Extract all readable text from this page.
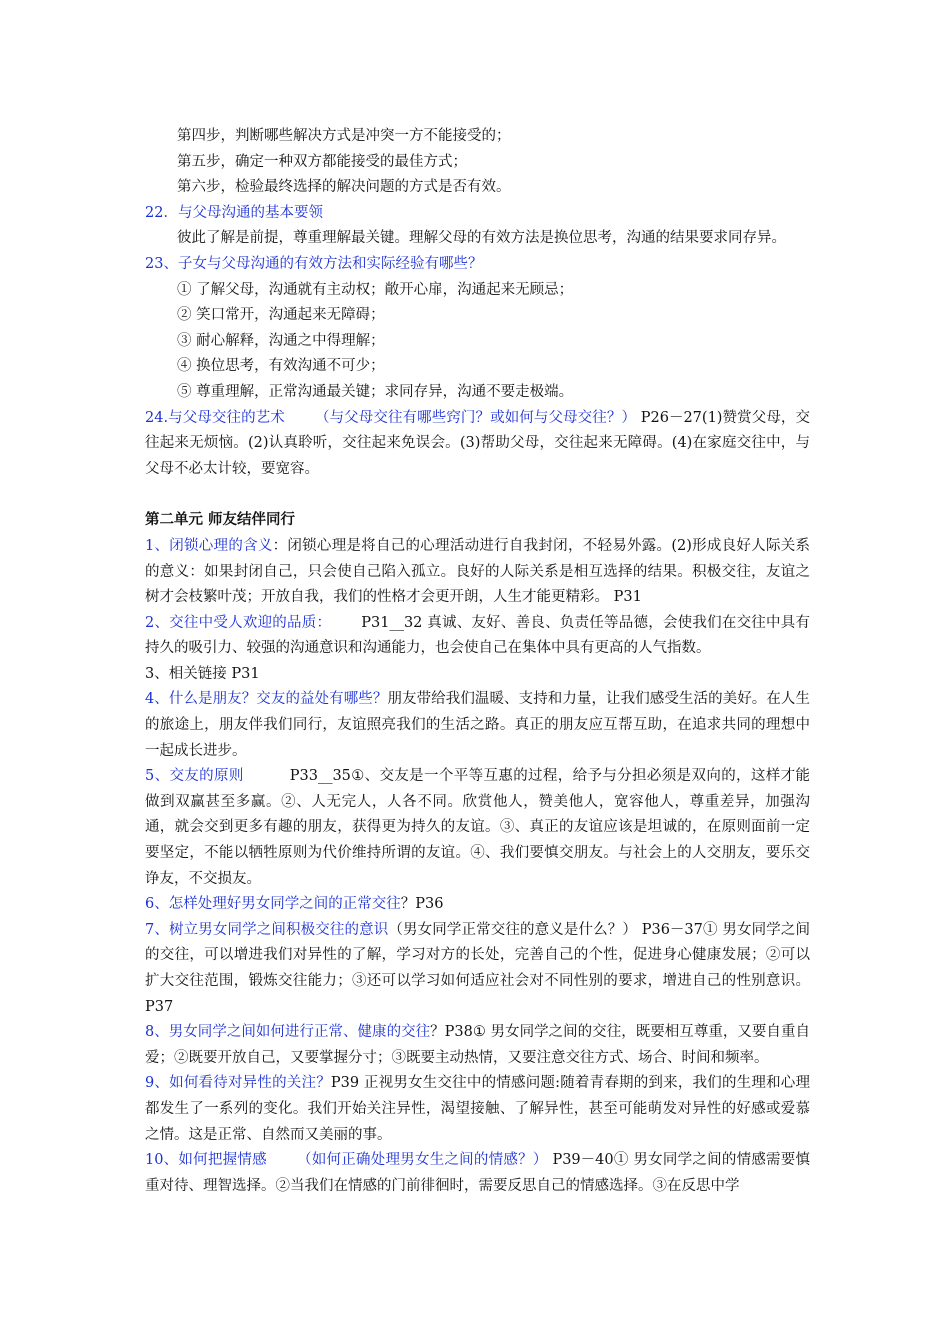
第四步，判断哪些解决方式是冲突一方不能接受的；

第五步，确定一种双方都能接受的最佳方式；

第六步，检验最终选择的解决问题的方式是否有效。

22．与父母沟通的基本要领

彼此了解是前提，尊重理解最关键。理解父母的有效方法是换位思考，沟通的结果要求同存异。

23、子女与父母沟通的有效方法和实际经验有哪些？

① 了解父母，沟通就有主动权；敞开心扉，沟通起来无顾忌；

② 笑口常开，沟通起来无障碍；

③ 耐心解释，沟通之中得理解；

④ 换位思考，有效沟通不可少；

⑤ 尊重理解，正常沟通最关键；求同存异，沟通不要走极端。

24.与父母交往的艺术 （与父母交往有哪些窍门？或如何与父母交往？） P26－27(1)赞赏父母，交往起来无烦恼。(2)认真聆听，交往起来免误会。(3)帮助父母，交往起来无障碍。(4)在家庭交往中，与父母不必太计较，要宽容。

第二单元 师友结伴同行

1、闭锁心理的含义：闭锁心理是将自己的心理活动进行自我封闭，不轻易外露。(2)形成良好人际关系的意义：如果封闭自己，只会使自己陷入孤立。良好的人际关系是相互选择的结果。积极交往，友谊之树才会枝繁叶茂；开放自我，我们的性格才会更开朗，人生才能更精彩。 P31

2、交往中受人欢迎的品质： P31__32 真诚、友好、善良、负责任等品德，会使我们在交往中具有持久的吸引力、较强的沟通意识和沟通能力，也会使自己在集体中具有更高的人气指数。

3、相关链接 P31

4、什么是朋友？交友的益处有哪些？朋友带给我们温暖、支持和力量，让我们感受生活的美好。在人生的旅途上，朋友伴我们同行，友谊照亮我们的生活之路。真正的朋友应互帮互助，在追求共同的理想中一起成长进步。

5、交友的原则	P33__35①、交友是一个平等互惠的过程，给予与分担必须是双向的，这样才能做到双赢甚至多赢。②、人无完人，人各不同。欣赏他人，赞美他人，宽容他人，尊重差异，加强沟通，就会交到更多有趣的朋友，获得更为持久的友谊。③、真正的友谊应该是坦诚的，在原则面前一定要坚定，不能以牺牲原则为代价维持所谓的友谊。④、我们要慎交朋友。与社会上的人交朋友，要乐交诤友，不交损友。

6、怎样处理好男女同学之间的正常交往？P36

7、树立男女同学之间积极交往的意识（男女同学正常交往的意义是什么？） P36－37① 男女同学之间的交往，可以增进我们对异性的了解，学习对方的长处，完善自己的个性，促进身心健康发展；②可以扩大交往范围，锻炼交往能力；③还可以学习如何适应社会对不同性别的要求，增进自己的性别意识。 P37

8、男女同学之间如何进行正常、健康的交往？P38① 男女同学之间的交往，既要相互尊重，又要自重自爱；②既要开放自己，又要掌握分寸；③既要主动热情，又要注意交往方式、场合、时间和频率。

9、如何看待对异性的关注？P39 正视男女生交往中的情感问题:随着青春期的到来，我们的生理和心理都发生了一系列的变化。我们开始关注异性，渴望接触、了解异性，甚至可能萌发对异性的好感或爱慕之情。这是正常、自然而又美丽的事。

10、如何把握情感 （如何正确处理男女生之间的情感？） P39－40① 男女同学之间的情感需要慎重对待、理智选择。②当我们在情感的门前徘徊时，需要反思自己的情感选择。③在反思中学
